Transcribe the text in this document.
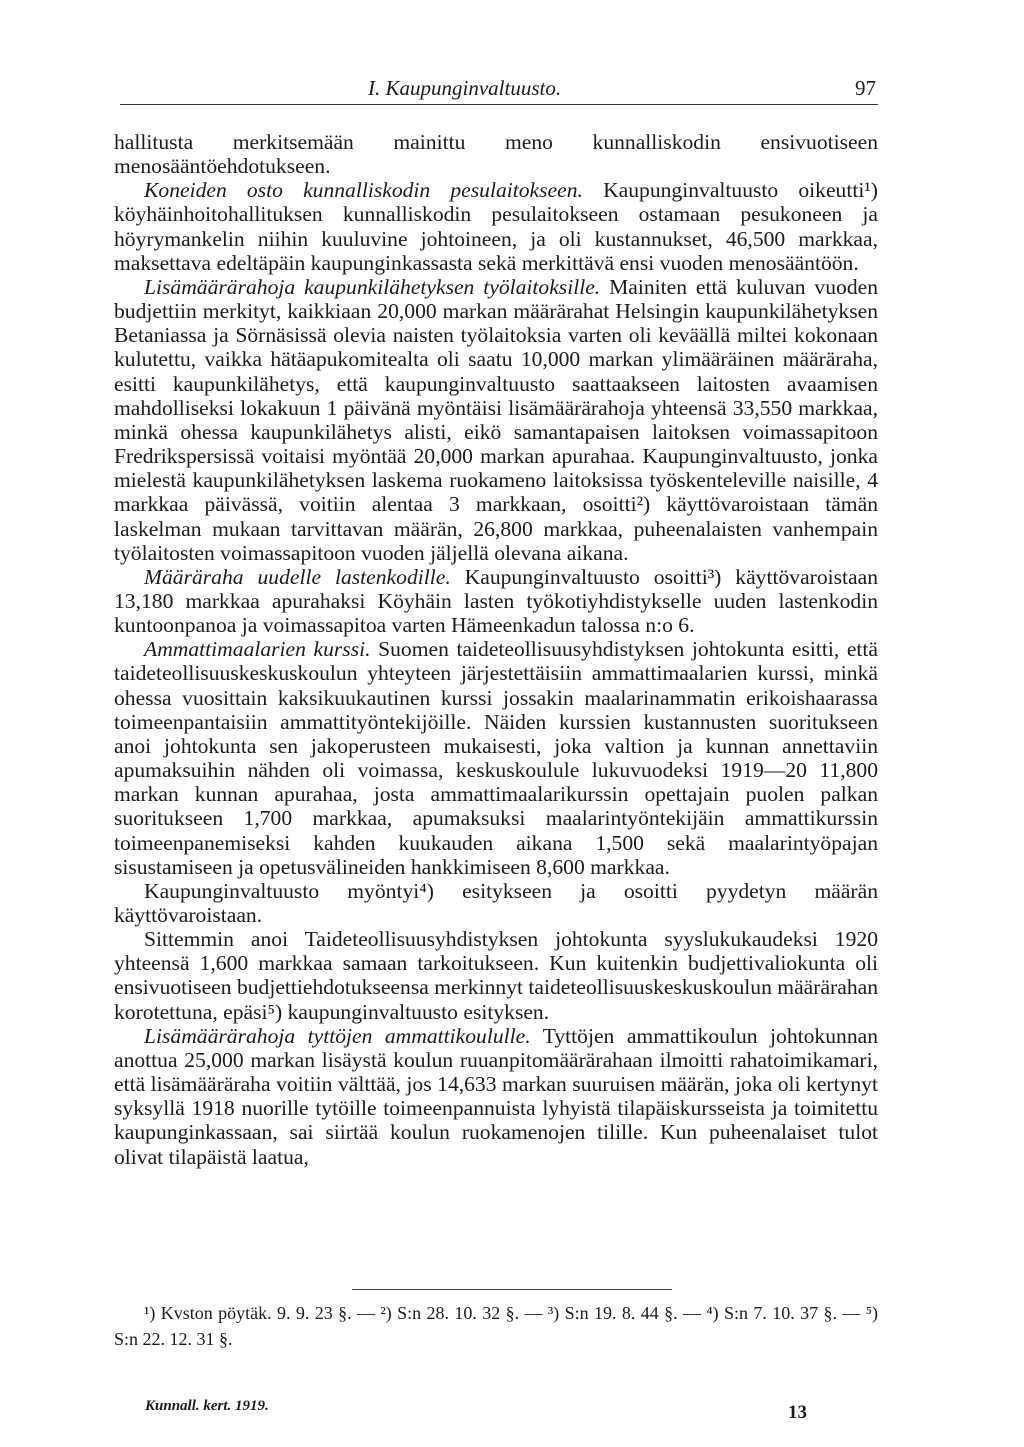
I. Kaupunginvaltuusto.	97

hallitusta merkitsemään mainittu meno kunnalliskodin ensivuotiseen menosääntöehdotukseen.

Koneiden osto kunnalliskodin pesulaitokseen. Kaupunginvaltuusto oikeutti¹) köyhäinhoitohallituksen kunnalliskodin pesulaitokseen ostamaan pesukoneen ja höyrymankelin niihin kuuluvine johtoineen, ja oli kustannukset, 46,500 markkaa, maksettava edeltäpäin kaupunginkassasta sekä merkittävä ensi vuoden menosääntöön.

Lisämäärärahoja kaupunkilähetyksen työlaitoksille. Mainiten että kuluvan vuoden budjettiin merkityt, kaikkiaan 20,000 markan määrärahat Helsingin kaupunkilähetyksen Betaniassa ja Sörnäsissä olevia naisten työlaitoksia varten oli keväällä miltei kokonaan kulutettu, vaikka hätäapukomitealta oli saatu 10,000 markan ylimääräinen määräraha, esitti kaupunkilähetys, että kaupunginvaltuusto saattaakseen laitosten avaamisen mahdolliseksi lokakuun 1 päivänä myöntäisi lisämäärärahoja yhteensä 33,550 markkaa, minkä ohessa kaupunkilähetys alisti, eikö samantapaisen laitoksen voimassapitoon Fredrikspersissä voitaisi myöntää 20,000 markan apurahaa. Kaupunginvaltuusto, jonka mielestä kaupunkilähetyksen laskema ruokameno laitoksissa työskenteleville naisille, 4 markkaa päivässä, voitiin alentaa 3 markkaan, osoitti²) käyttövaroistaan tämän laskelman mukaan tarvittavan määrän, 26,800 markkaa, puheenalaisten vanhempain työlaitosten voimassapitoon vuoden jäljellä olevana aikana.

Määräraha uudelle lastenkodille. Kaupunginvaltuusto osoitti³) käyttövaroistaan 13,180 markkaa apurahaksi Köyhäin lasten työkotiyhdistykselle uuden lastenkodin kuntoonpanoa ja voimassapitoa varten Hämeenkadun talossa n:o 6.

Ammattimaalarien kurssi. Suomen taideteollisuusyhdistyksen johtokunta esitti, että taideteollisuuskeskuskoulun yhteyteen järjestettäisiin ammattimaalarien kurssi, minkä ohessa vuosittain kaksikuukautinen kurssi jossakin maalarinammatin erikoishaarassa toimeenpantaisiin ammattityöntekijöille. Näiden kurssien kustannusten suoritukseen anoi johtokunta sen jakoperusteen mukaisesti, joka valtion ja kunnan annettaviin apumaksuihin nähden oli voimassa, keskuskoulule lukuvuodeksi 1919—20 11,800 markan kunnan apurahaa, josta ammattimaalarikurssin opettajain puolen palkan suoritukseen 1,700 markkaa, apumaksuksi maalarintyöntekijäin ammattikurssin toimeenpanemiseksi kahden kuukauden aikana 1,500 sekä maalarintyöpajan sisustamiseen ja opetusvälineiden hankkimiseen 8,600 markkaa.

Kaupunginvaltuusto myöntyi⁴) esitykseen ja osoitti pyydetyn määrän käyttövaroistaan.

Sittemmin anoi Taideteollisuusyhdistyksen johtokunta syyslukukaudeksi 1920 yhteensä 1,600 markkaa samaan tarkoitukseen. Kun kuitenkin budjettivaliokunta oli ensivuotiseen budjettiehdotukseensa merkinnyt taideteollisuuskeskuskoulun määrärahan korotettuna, epäsi⁵) kaupunginvaltuusto esityksen.

Lisämäärärahoja tyttöjen ammattikoululle. Tyttöjen ammattikoulun johtokunnan anottua 25,000 markan lisäystä koulun ruuanpitomäärärahaan ilmoitti rahatoimikamari, että lisämääräraha voitiin välttää, jos 14,633 markan suuruisen määrän, joka oli kertynyt syksyllä 1918 nuorille tytöille toimeenpannuista lyhyistä tilapäiskursseista ja toimitettu kaupunginkassaan, sai siirtää koulun ruokamenojen tilille. Kun puheenalaiset tulot olivat tilapäistä laatua,

¹) Kvston pöytäk. 9. 9. 23 §. — ²) S:n 28. 10. 32 §. — ³) S:n 19. 8. 44 §. — ⁴) S:n 7. 10. 37 §. — ⁵) S:n 22. 12. 31 §.

Kunnall. kert. 1919.	13
